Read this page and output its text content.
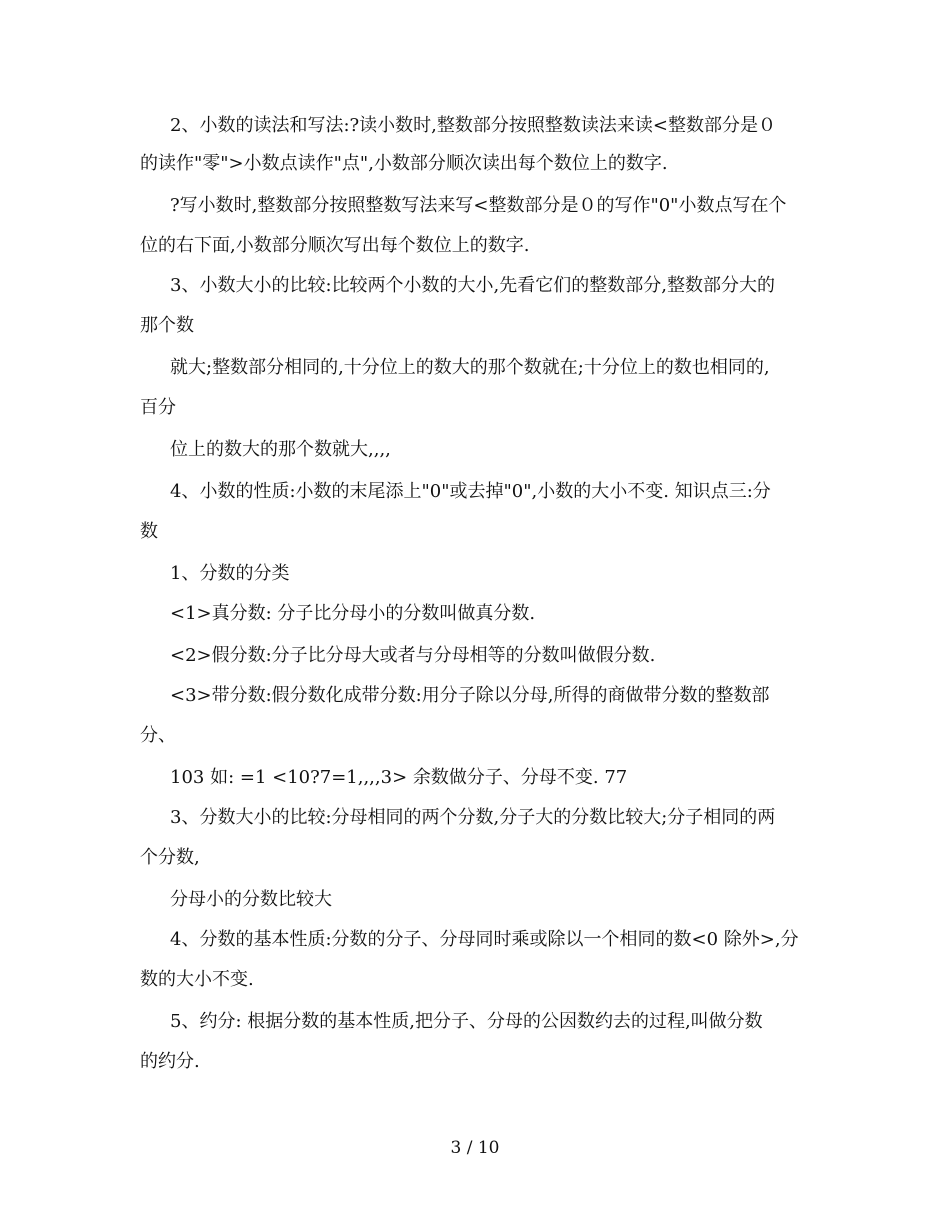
2、小数的读法和写法:?读小数时,整数部分按照整数读法来读<整数部分是０
的读作"零">小数点读作"点",小数部分顺次读出每个数位上的数字.
?写小数时,整数部分按照整数写法来写<整数部分是０的写作"0"小数点写在个
位的右下面,小数部分顺次写出每个数位上的数字.
3、小数大小的比较:比较两个小数的大小,先看它们的整数部分,整数部分大的
那个数
就大;整数部分相同的,十分位上的数大的那个数就在;十分位上的数也相同的,
百分
位上的数大的那个数就大,,,,
4、小数的性质:小数的末尾添上"0"或去掉"0",小数的大小不变. 知识点三:分
数
1、分数的分类
<1>真分数: 分子比分母小的分数叫做真分数.
<2>假分数:分子比分母大或者与分母相等的分数叫做假分数.
<3>带分数:假分数化成带分数:用分子除以分母,所得的商做带分数的整数部
分、
103 如: =1 <10?7=1,,,,3> 余数做分子、分母不变. 77
3、分数大小的比较:分母相同的两个分数,分子大的分数比较大;分子相同的两
个分数,
分母小的分数比较大
4、分数的基本性质:分数的分子、分母同时乘或除以一个相同的数<0 除外>,分
数的大小不变.
5、约分: 根据分数的基本性质,把分子、分母的公因数约去的过程,叫做分数
的约分.
3 / 10
